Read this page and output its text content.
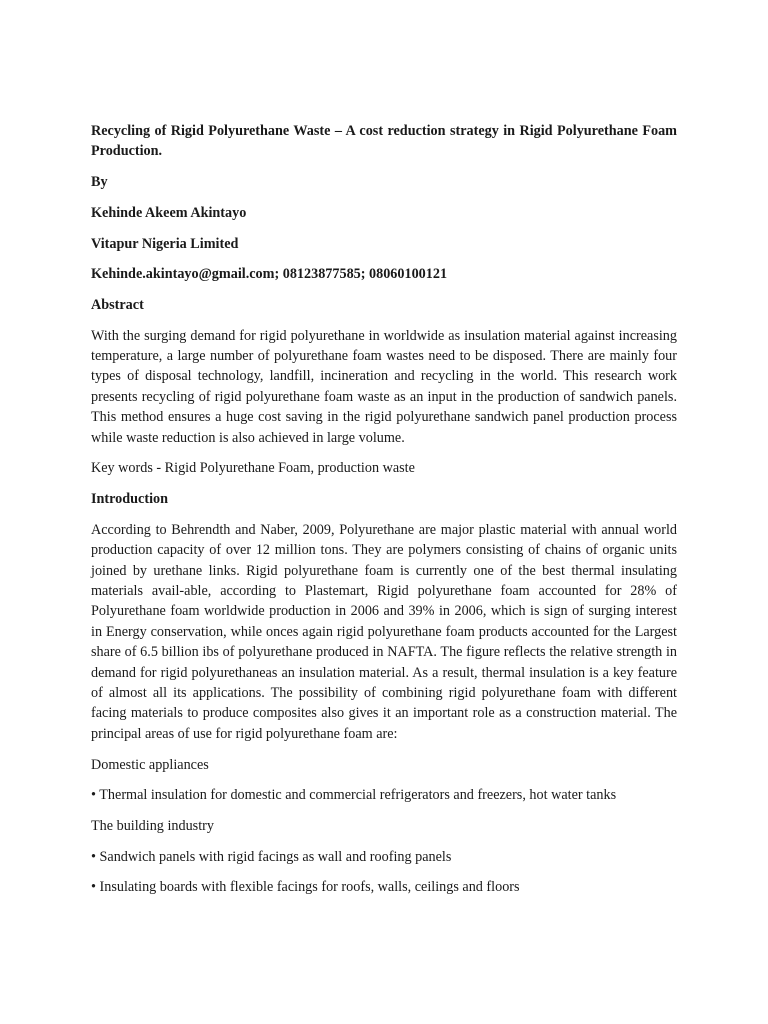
Recycling of Rigid Polyurethane Waste – A cost reduction strategy in Rigid Polyurethane Foam Production.

By

Kehinde Akeem Akintayo

Vitapur Nigeria Limited

Kehinde.akintayo@gmail.com; 08123877585; 08060100121

Abstract

With the surging demand for rigid polyurethane in worldwide as insulation material against increasing temperature, a large number of polyurethane foam wastes need to be disposed. There are mainly four types of disposal technology, landfill, incineration and recycling in the world. This research work presents recycling of rigid polyurethane foam waste as an input in the production of sandwich panels. This method ensures a huge cost saving in the rigid polyurethane sandwich panel production process while waste reduction is also achieved in large volume.

Key words - Rigid Polyurethane Foam, production waste

Introduction

According to Behrendth and Naber, 2009, Polyurethane are major plastic material with annual world production capacity of over 12 million tons. They are polymers consisting of chains of organic units joined by urethane links. Rigid polyurethane foam is currently one of the best thermal insulating materials avail-able, according to Plastemart, Rigid polyurethane foam accounted for 28% of Polyurethane foam worldwide production in 2006 and 39% in 2006, which is sign of surging interest in Energy conservation, while onces again rigid polyurethane foam products accounted for the Largest share of 6.5 billion ibs of polyurethane produced in NAFTA. The figure reflects the relative strength in demand for rigid polyurethaneas an insulation material. As a result, thermal insulation is a key feature of almost all its applications. The possibility of combining rigid polyurethane foam with different facing materials to produce composites also gives it an important role as a construction material. The principal areas of use for rigid polyurethane foam are:

Domestic appliances

• Thermal insulation for domestic and commercial refrigerators and freezers, hot water tanks

The building industry

• Sandwich panels with rigid facings as wall and roofing panels

• Insulating boards with flexible facings for roofs, walls, ceilings and floors
